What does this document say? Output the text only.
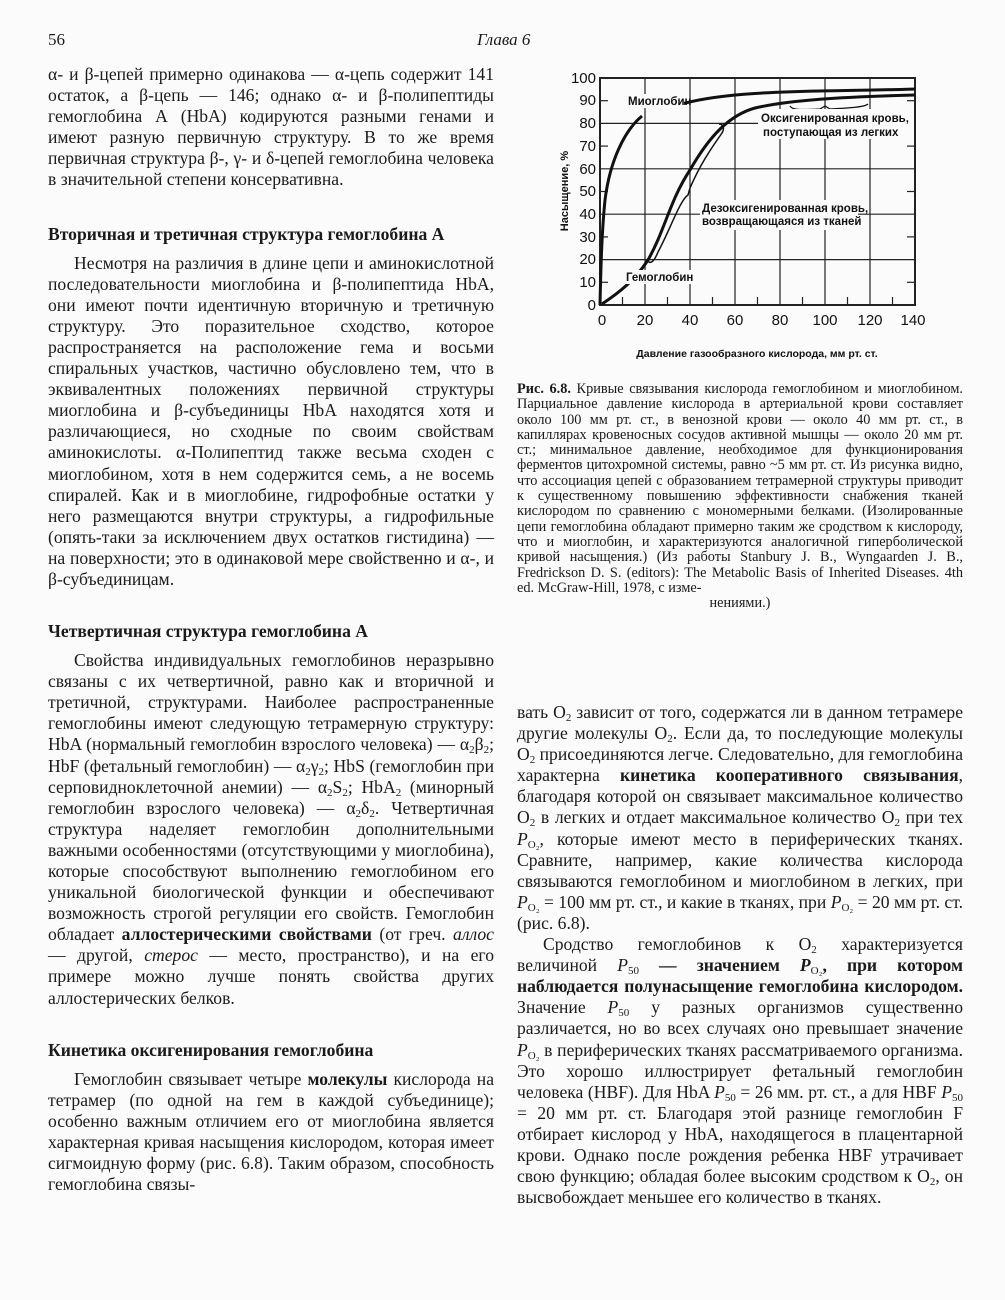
56	Глава 6

α- и β-цепей примерно одинакова — α-цепь содержит 141 остаток, а β-цепь — 146; однако α- и β-полипептиды гемоглобина А (HbA) кодируются разными генами и имеют разную первичную структуру. В то же время первичная структура β-, γ- и δ-цепей гемоглобина человека в значительной степени консервативна.

Вторичная и третичная структура гемоглобина А

Несмотря на различия в длине цепи и аминокислотной последовательности миоглобина и β-полипептида HbA, они имеют почти идентичную вторичную и третичную структуру. Это поразительное сходство, которое распространяется на расположение гема и восьми спиральных участков, частично обусловлено тем, что в эквивалентных положениях первичной структуры миоглобина и β-субъединицы HbA находятся хотя и различающиеся, но сходные по своим свойствам аминокислоты. α-Полипептид также весьма сходен с миоглобином, хотя в нем содержится семь, а не восемь спиралей. Как и в миоглобине, гидрофобные остатки у него размещаются внутри структуры, а гидрофильные (опять-таки за исключением двух остатков гистидина) — на поверхности; это в одинаковой мере свойственно и α-, и β-субъединицам.

Четвертичная структура гемоглобина А

Свойства индивидуальных гемоглобинов неразрывно связаны с их четвертичной, равно как и вторичной и третичной, структурами. Наиболее распространенные гемоглобины имеют следующую тетрамерную структуру: HbA (нормальный гемоглобин взрослого человека) — $\alpha_2\beta_2$; HbF (фетальный гемоглобин) — $\alpha_2\gamma_2$; HbS (гемоглобин при серповидноклеточной анемии) — $\alpha_2S_2$; HbA$_2$ (минорный гемоглобин взрослого человека) — $\alpha_2\delta_2$. Четвертичная структура наделяет гемоглобин дополнительными важными особенностями (отсутствующими у миоглобина), которые способствуют выполнению гемоглобином его уникальной биологической функции и обеспечивают возможность строгой регуляции его свойств. Гемоглобин обладает аллостерическими свойствами (от греч. аллос — другой, стерос — место, пространство), и на его примере можно лучше понять свойства других аллостерических белков.

Кинетика оксигенирования гемоглобина

Гемоглобин связывает четыре молекулы кислорода на тетрамер (по одной на гем в каждой субъединице); особенно важным отличием его от миоглобина является характерная кривая насыщения кислородом, которая имеет сигмоидную форму (рис. 6.8). Таким образом, способность гемоглобина связы-

100
90
80
70
60
50
40
30
20
10
0
0 20 40 60 80 100 120 140
Насыщение, %
Давление газообразного кислорода, мм рт. ст.
Миоглобин
Гемоглобин
Оксигенированная кровь,
поступающая из легких
Дезоксигенированная кровь,
возвращающаяся из тканей
Рис. 6.8. Кривые связывания кислорода гемоглобином и миоглобином. Парциальное давление кислорода в артериальной крови составляет около 100 мм рт. ст., в венозной крови — около 40 мм рт. ст., в капиллярах кровеносных сосудов активной мышцы — около 20 мм рт. ст.; минимальное давление, необходимое для функционирования ферментов цитохромной системы, равно ~5 мм рт. ст. Из рисунка видно, что ассоциация цепей с образованием тетрамерной структуры приводит к существенному повышению эффективности снабжения тканей кислородом по сравнению с мономерными белками. (Изолированные цепи гемоглобина обладают примерно таким же сродством к кислороду, что и миоглобин, и характеризуются аналогичной гиперболической кривой насыщения.) (Из работы Stanbury J. B., Wyngaarden J. B., Fredrickson D. S. (editors): The Metabolic Basis of Inherited Diseases. 4th ed. McGraw-Hill, 1978, с изме-
нениями.)

вать $O_2$ зависит от того, содержатся ли в данном тетрамере другие молекулы $O_2$. Если да, то последующие молекулы $O_2$ присоединяются легче. Следовательно, для гемоглобина характерна кинетика кооперативного связывания, благодаря которой он связывает максимальное количество $O_2$ в легких и отдает максимальное количество $O_2$ при тех $P_{O_2}$, которые имеют место в периферических тканях. Сравните, например, какие количества кислорода связываются гемоглобином и миоглобином в легких, при $P_{O_2} = 100$ мм рт. ст., и какие в тканях, при $P_{O_2} = 20$ мм рт. ст. (рис. 6.8).

Сродство гемоглобинов к $O_2$ характеризуется величиной $P_{50}$ — значением $P_{O_2}$, при котором наблюдается полунасыщение гемоглобина кислородом. Значение $P_{50}$ у разных организмов существенно различается, но во всех случаях оно превышает значение $P_{O_2}$ в периферических тканях рассматриваемого организма. Это хорошо иллюстрирует фетальный гемоглобин человека (HBF). Для HbA $P_{50} = 26$ мм. рт. ст., а для HBF $P_{50} = 20$ мм рт. ст. Благодаря этой разнице гемоглобин F отбирает кислород у HbA, находящегося в плацентарной крови. Однако после рождения ребенка HBF утрачивает свою функцию; обладая более высоким сродством к $O_2$, он высвобождает меньшее его количество в тканях.
